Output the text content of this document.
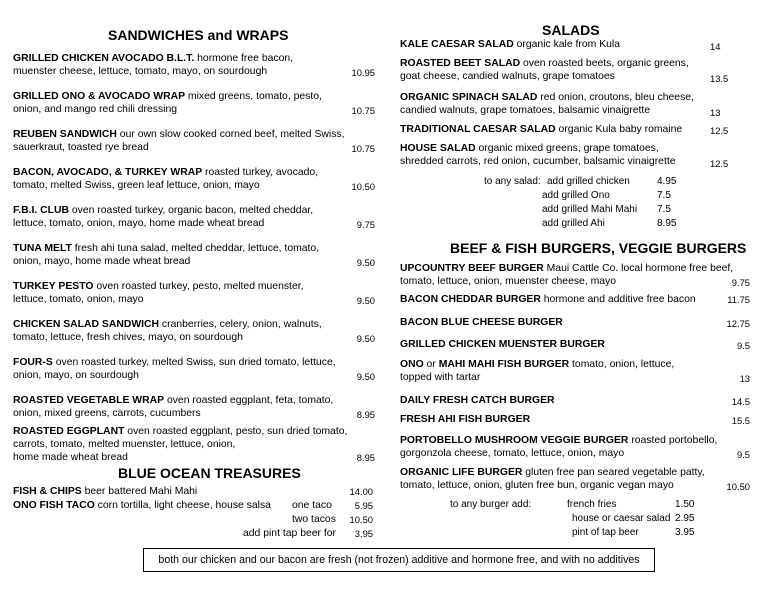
SANDWICHES and WRAPS
GRILLED CHICKEN AVOCADO B.L.T. hormone free bacon,
muenster cheese, lettuce, tomato, mayo, on sourdough	10.95
GRILLED ONO & AVOCADO WRAP mixed greens, tomato, pesto,
onion, and mango red chili dressing	10.75
REUBEN SANDWICH our own slow cooked corned beef, melted Swiss,
sauerkraut, toasted rye bread	10.75
BACON, AVOCADO, & TURKEY WRAP roasted turkey, avocado,
tomato, melted Swiss, green leaf lettuce, onion, mayo	10.50
F.B.I. CLUB oven roasted turkey, organic bacon, melted cheddar,
lettuce, tomato, onion, mayo, home made wheat bread	9.75
TUNA MELT fresh ahi tuna salad, melted cheddar, lettuce, tomato,
onion, mayo, home made wheat bread	9.50
TURKEY PESTO oven roasted turkey, pesto, melted muenster,
lettuce, tomato, onion, mayo	9.50
CHICKEN SALAD SANDWICH cranberries, celery, onion, walnuts,
tomato, lettuce, fresh chives, mayo, on sourdough	9.50
FOUR-S oven roasted turkey, melted Swiss, sun dried tomato, lettuce,
onion, mayo, on sourdough	9.50
ROASTED VEGETABLE WRAP oven roasted eggplant, feta, tomato,
onion, mixed greens, carrots, cucumbers	8.95
ROASTED EGGPLANT oven roasted eggplant, pesto, sun dried tomato,
carrots, tomato, melted muenster, lettuce, onion,
home made wheat bread	8.95
BLUE OCEAN TREASURES
FISH & CHIPS beer battered Mahi Mahi	14.00
ONO FISH TACO corn tortilla, light cheese, house salsa	one taco	5.95
two tacos	10.50
add pint tap beer for	3.95
SALADS
KALE CAESAR SALAD organic kale from Kula	14
ROASTED BEET SALAD oven roasted beets, organic greens,
goat cheese, candied walnuts, grape tomatoes	13.5
ORGANIC SPINACH SALAD red onion, croutons, bleu cheese,
candied walnuts, grape tomatoes, balsamic vinaigrette	13
TRADITIONAL CAESAR SALAD organic Kula baby romaine	12.5
HOUSE SALAD organic mixed greens, grape tomatoes,
shredded carrots, red onion, cucumber, balsamic vinaigrette	12.5
to any salad: add grilled chicken	4.95
add grilled Ono	7.5
add grilled Mahi Mahi 7.5
add grilled Ahi	8.95
BEEF & FISH BURGERS, VEGGIE BURGERS
UPCOUNTRY BEEF BURGER Maui Cattle Co. local hormone free beef,
tomato, lettuce, onion, muenster cheese, mayo	9.75
BACON CHEDDAR BURGER hormone and additive free bacon	11.75
BACON BLUE CHEESE BURGER	12.75
GRILLED CHICKEN MUENSTER BURGER	9.5
ONO or MAHI MAHI FISH BURGER tomato, onion, lettuce,
topped with tartar	13
DAILY FRESH CATCH BURGER	14.5
FRESH AHI FISH BURGER	15.5
PORTOBELLO MUSHROOM VEGGIE BURGER roasted portobello,
gorgonzola cheese, tomato, lettuce, onion, mayo	9.5
ORGANIC LIFE BURGER gluten free pan seared vegetable patty,
tomato, lettuce, onion, gluten free bun, organic vegan mayo	10.50
to any burger add:	french fries	1.50
house or caesar salad 2.95
pint of tap beer	3.95
both our chicken and our bacon are fresh (not frozen) additive and hormone free, and with no additives
